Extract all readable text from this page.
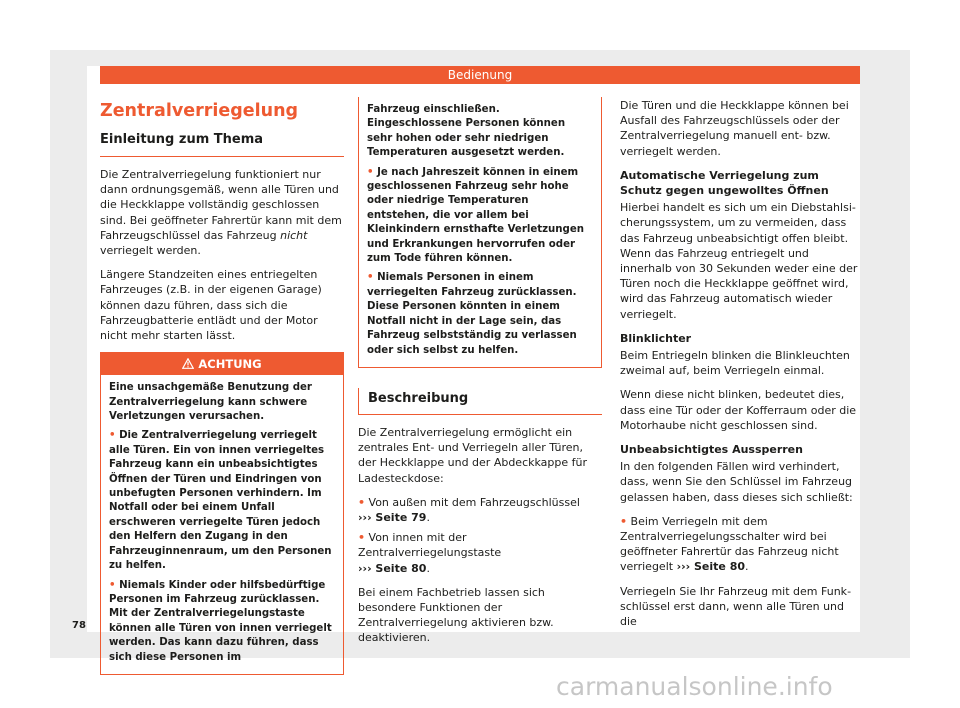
Bedienung
Zentralverriegelung
Einleitung zum Thema

Die Zentralverriegelung funktioniert nur dann ordnungsgemäß, wenn alle Türen und die Heckklappe vollständig geschlossen sind. Bei geöffneter Fahrertür kann mit dem Fahrzeugschlüssel das Fahrzeug nicht verriegelt werden.

Längere Standzeiten eines entriegelten Fahrzeuges (z.B. in der eigenen Garage) können dazu führen, dass sich die Fahrzeugbatterie entlädt und der Motor nicht mehr starten lässt.

ACHTUNG

Eine unsachgemäße Benutzung der Zentralverriegelung kann schwere Verletzungen verursachen.

• Die Zentralverriegelung verriegelt alle Türen. Ein von innen verriegeltes Fahrzeug kann ein unbeabsichtigtes Öffnen der Türen und Eindringen von unbefugten Personen verhindern. Im Notfall oder bei einem Unfall erschweren verriegelte Türen jedoch den Helfern den Zugang in den Fahrzeuginnenraum, um den Personen zu helfen.

• Niemals Kinder oder hilfsbedürftige Personen im Fahrzeug zurücklassen. Mit der Zentralverriegelungstaste können alle Türen von innen verriegelt werden. Das kann dazu führen, dass sich diese Personen im

Fahrzeug einschließen. Eingeschlossene Personen können sehr hohen oder sehr niedrigen Temperaturen ausgesetzt werden.

• Je nach Jahreszeit können in einem geschlossenen Fahrzeug sehr hohe oder niedrige Temperaturen entstehen, die vor allem bei Kleinkindern ernsthafte Verletzungen und Erkrankungen hervorrufen oder zum Tode führen können.

• Niemals Personen in einem verriegelten Fahrzeug zurücklassen. Diese Personen könnten in einem Notfall nicht in der Lage sein, das Fahrzeug selbstständig zu verlassen oder sich selbst zu helfen.

Beschreibung

Die Zentralverriegelung ermöglicht ein zentrales Ent- und Verriegeln aller Türen, der Heckklappe und der Abdeckkappe für Ladesteckdose:

• Von außen mit dem Fahrzeugschlüssel
››› Seite 79.

• Von innen mit der Zentralverriegelungstaste
››› Seite 80.

Bei einem Fachbetrieb lassen sich besondere Funktionen der Zentralverriegelung aktivieren bzw. deaktivieren.

Die Türen und die Heckklappe können bei Ausfall des Fahrzeugschlüssels oder der Zentralverriegelung manuell ent- bzw. verriegelt werden.

Automatische Verriegelung zum Schutz gegen ungewolltes Öffnen

Hierbei handelt es sich um ein Diebstahlsicherungssystem, um zu vermeiden, dass das Fahrzeug unbeabsichtigt offen bleibt. Wenn das Fahrzeug entriegelt und innerhalb von 30 Sekunden weder eine der Türen noch die Heckklappe geöffnet wird, wird das Fahrzeug automatisch wieder verriegelt.

Blinklichter

Beim Entriegeln blinken die Blinkleuchten zweimal auf, beim Verriegeln einmal.

Wenn diese nicht blinken, bedeutet dies, dass eine Tür oder der Kofferraum oder die Motorhaube nicht geschlossen sind.

Unbeabsichtigtes Aussperren

In den folgenden Fällen wird verhindert, dass, wenn Sie den Schlüssel im Fahrzeug gelassen haben, dass dieses sich schließt:

• Beim Verriegeln mit dem Zentralverriegelungsschalter wird bei geöffneter Fahrertür das Fahrzeug nicht verriegelt ››› Seite 80.

Verriegeln Sie Ihr Fahrzeug mit dem Funkschlüssel erst dann, wenn alle Türen und die

78
carmanualsonline.info
